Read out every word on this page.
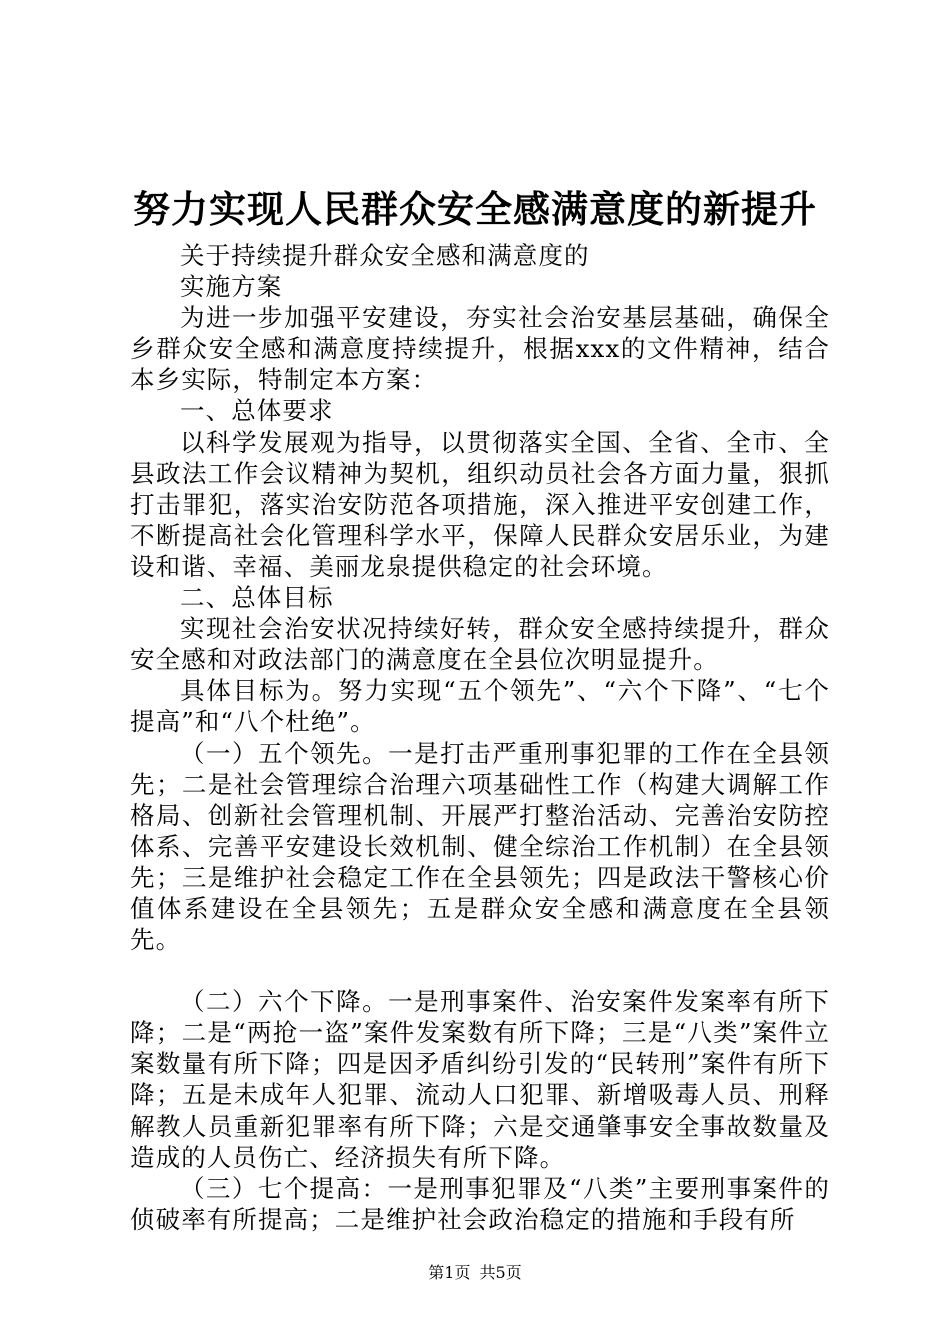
努力实现人民群众安全感满意度的新提升

关于持续提升群众安全感和满意度的

实施方案

为进一步加强平安建设，夯实社会治安基层基础，确保全乡群众安全感和满意度持续提升，根据xxx的文件精神，结合本乡实际，特制定本方案：

一、总体要求

以科学发展观为指导，以贯彻落实全国、全省、全市、全县政法工作会议精神为契机，组织动员社会各方面力量，狠抓打击罪犯，落实治安防范各项措施，深入推进平安创建工作，不断提高社会化管理科学水平，保障人民群众安居乐业，为建设和谐、幸福、美丽龙泉提供稳定的社会环境。

二、总体目标

实现社会治安状况持续好转，群众安全感持续提升，群众安全感和对政法部门的满意度在全县位次明显提升。

具体目标为。努力实现“五个领先”、“六个下降”、“七个提高”和“八个杜绝”。

（一）五个领先。一是打击严重刑事犯罪的工作在全县领先；二是社会管理综合治理六项基础性工作（构建大调解工作格局、创新社会管理机制、开展严打整治活动、完善治安防控体系、完善平安建设长效机制、健全综治工作机制）在全县领先；三是维护社会稳定工作在全县领先；四是政法干警核心价值体系建设在全县领先；五是群众安全感和满意度在全县领先。

（二）六个下降。一是刑事案件、治安案件发案率有所下降；二是“两抢一盗”案件发案数有所下降；三是“八类”案件立案数量有所下降；四是因矛盾纠纷引发的“民转刑”案件有所下降；五是未成年人犯罪、流动人口犯罪、新增吸毒人员、刑释解教人员重新犯罪率有所下降；六是交通肇事安全事故数量及造成的人员伤亡、经济损失有所下降。

（三）七个提高：一是刑事犯罪及“八类”主要刑事案件的侦破率有所提高；二是维护社会政治稳定的措施和手段有所

第1页 共5页
